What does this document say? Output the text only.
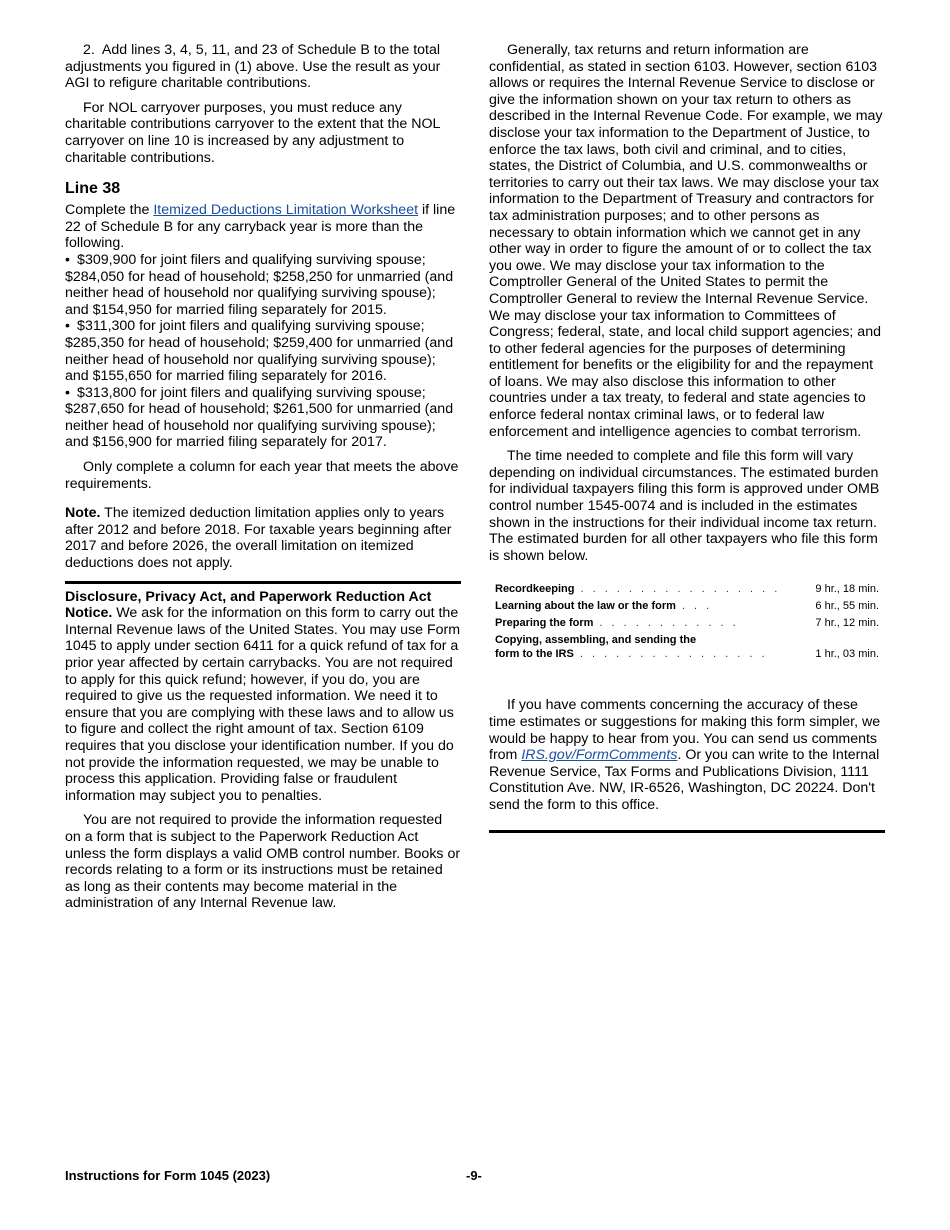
2. Add lines 3, 4, 5, 11, and 23 of Schedule B to the total adjustments you figured in (1) above. Use the result as your AGI to refigure charitable contributions.

For NOL carryover purposes, you must reduce any charitable contributions carryover to the extent that the NOL carryover on line 10 is increased by any adjustment to charitable contributions.

Line 38

Complete the Itemized Deductions Limitation Worksheet if line 22 of Schedule B for any carryback year is more than the following.

• $309,900 for joint filers and qualifying surviving spouse; $284,050 for head of household; $258,250 for unmarried (and neither head of household nor qualifying surviving spouse); and $154,950 for married filing separately for 2015.

• $311,300 for joint filers and qualifying surviving spouse; $285,350 for head of household; $259,400 for unmarried (and neither head of household nor qualifying surviving spouse); and $155,650 for married filing separately for 2016.

• $313,800 for joint filers and qualifying surviving spouse; $287,650 for head of household; $261,500 for unmarried (and neither head of household nor qualifying surviving spouse); and $156,900 for married filing separately for 2017.

Only complete a column for each year that meets the above requirements.

Note. The itemized deduction limitation applies only to years after 2012 and before 2018. For taxable years beginning after 2017 and before 2026, the overall limitation on itemized deductions does not apply.

Disclosure, Privacy Act, and Paperwork Reduction Act Notice. We ask for the information on this form to carry out the Internal Revenue laws of the United States. You may use Form 1045 to apply under section 6411 for a quick refund of tax for a prior year affected by certain carrybacks. You are not required to apply for this quick refund; however, if you do, you are required to give us the requested information. We need it to ensure that you are complying with these laws and to allow us to figure and collect the right amount of tax. Section 6109 requires that you disclose your identification number. If you do not provide the information requested, we may be unable to process this application. Providing false or fraudulent information may subject you to penalties.

You are not required to provide the information requested on a form that is subject to the Paperwork Reduction Act unless the form displays a valid OMB control number. Books or records relating to a form or its instructions must be retained as long as their contents may become material in the administration of any Internal Revenue law.

Generally, tax returns and return information are confidential, as stated in section 6103. However, section 6103 allows or requires the Internal Revenue Service to disclose or give the information shown on your tax return to others as described in the Internal Revenue Code. For example, we may disclose your tax information to the Department of Justice, to enforce the tax laws, both civil and criminal, and to cities, states, the District of Columbia, and U.S. commonwealths or territories to carry out their tax laws. We may disclose your tax information to the Department of Treasury and contractors for tax administration purposes; and to other persons as necessary to obtain information which we cannot get in any other way in order to figure the amount of or to collect the tax you owe. We may disclose your tax information to the Comptroller General of the United States to permit the Comptroller General to review the Internal Revenue Service. We may disclose your tax information to Committees of Congress; federal, state, and local child support agencies; and to other federal agencies for the purposes of determining entitlement for benefits or the eligibility for and the repayment of loans. We may also disclose this information to other countries under a tax treaty, to federal and state agencies to enforce federal nontax criminal laws, or to federal law enforcement and intelligence agencies to combat terrorism.

The time needed to complete and file this form will vary depending on individual circumstances. The estimated burden for individual taxpayers filing this form is approved under OMB control number 1545-0074 and is included in the estimates shown in the instructions for their individual income tax return. The estimated burden for all other taxpayers who file this form is shown below.

Recordkeeping . . . . . . . . . . . . . . . . .	9 hr., 18 min.
Learning about the law or the form . . .	6 hr., 55 min.
Preparing the form . . . . . . . . . . . .	7 hr., 12 min.
Copying, assembling, and sending the
form to the IRS . . . . . . . . . . . . . . . .	1 hr., 03 min.

If you have comments concerning the accuracy of these time estimates or suggestions for making this form simpler, we would be happy to hear from you. You can send us comments from IRS.gov/FormComments. Or you can write to the Internal Revenue Service, Tax Forms and Publications Division, 1111 Constitution Ave. NW, IR-6526, Washington, DC 20224. Don't send the form to this office.

Instructions for Form 1045 (2023)	-9-
